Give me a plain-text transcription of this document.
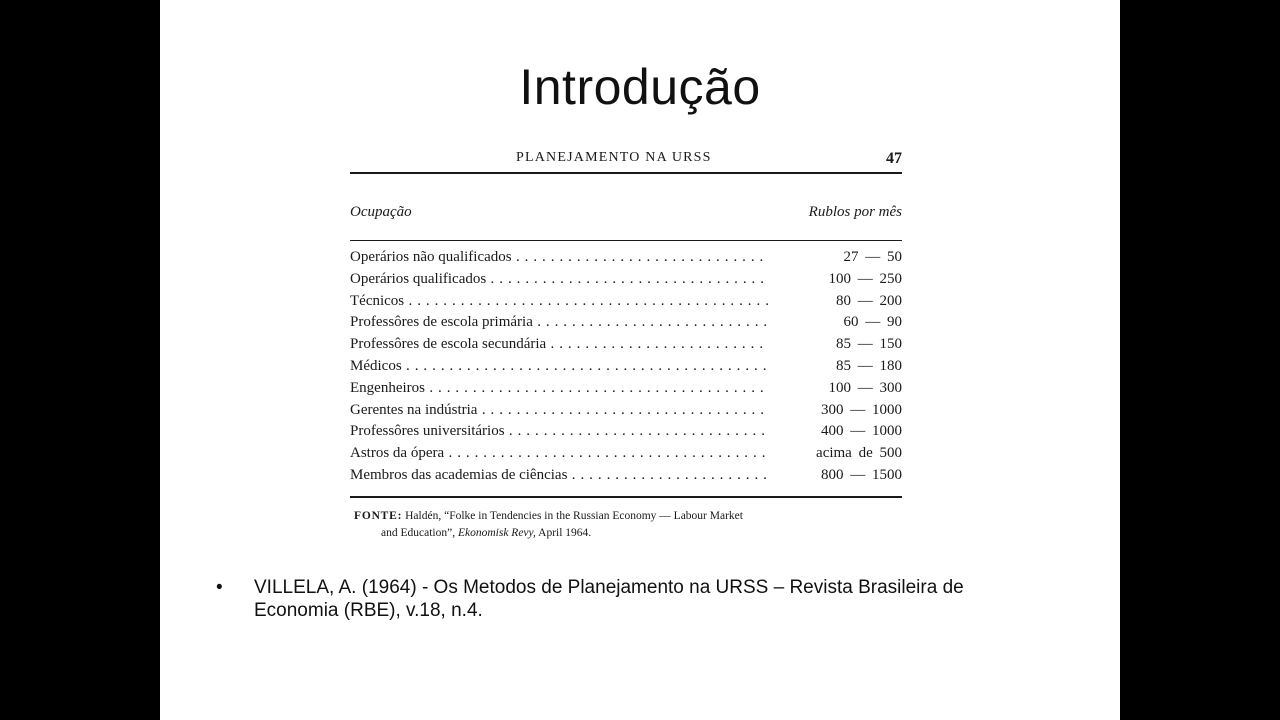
Introdução
PLANEJAMENTO NA URSS	47
Ocupação	Rublos por mês
Operários não qualificados . . .	27 — 50
Operários qualificados . . .	100 — 250
Técnicos . . .	80 — 200
Professôres de escola primária . . .	60 — 90
Professôres de escola secundária . . .	85 — 150
Médicos . . .	85 — 180
Engenheiros . . .	100 — 300
Gerentes na indústria . . .	300 — 1000
Professôres universitários . . .	400 — 1000
Astros da ópera . . .	acima de 500
Membros das academias de ciências . . .	800 — 1500
FONTE: Haldén, “Folke in Tendencies in the Russian Economy — Labour Market
and Education”, Ekonomisk Revy, April 1964.
• VILLELA, A. (1964) - Os Metodos de Planejamento na URSS – Revista Brasileira de Economia (RBE), v.18, n.4.
